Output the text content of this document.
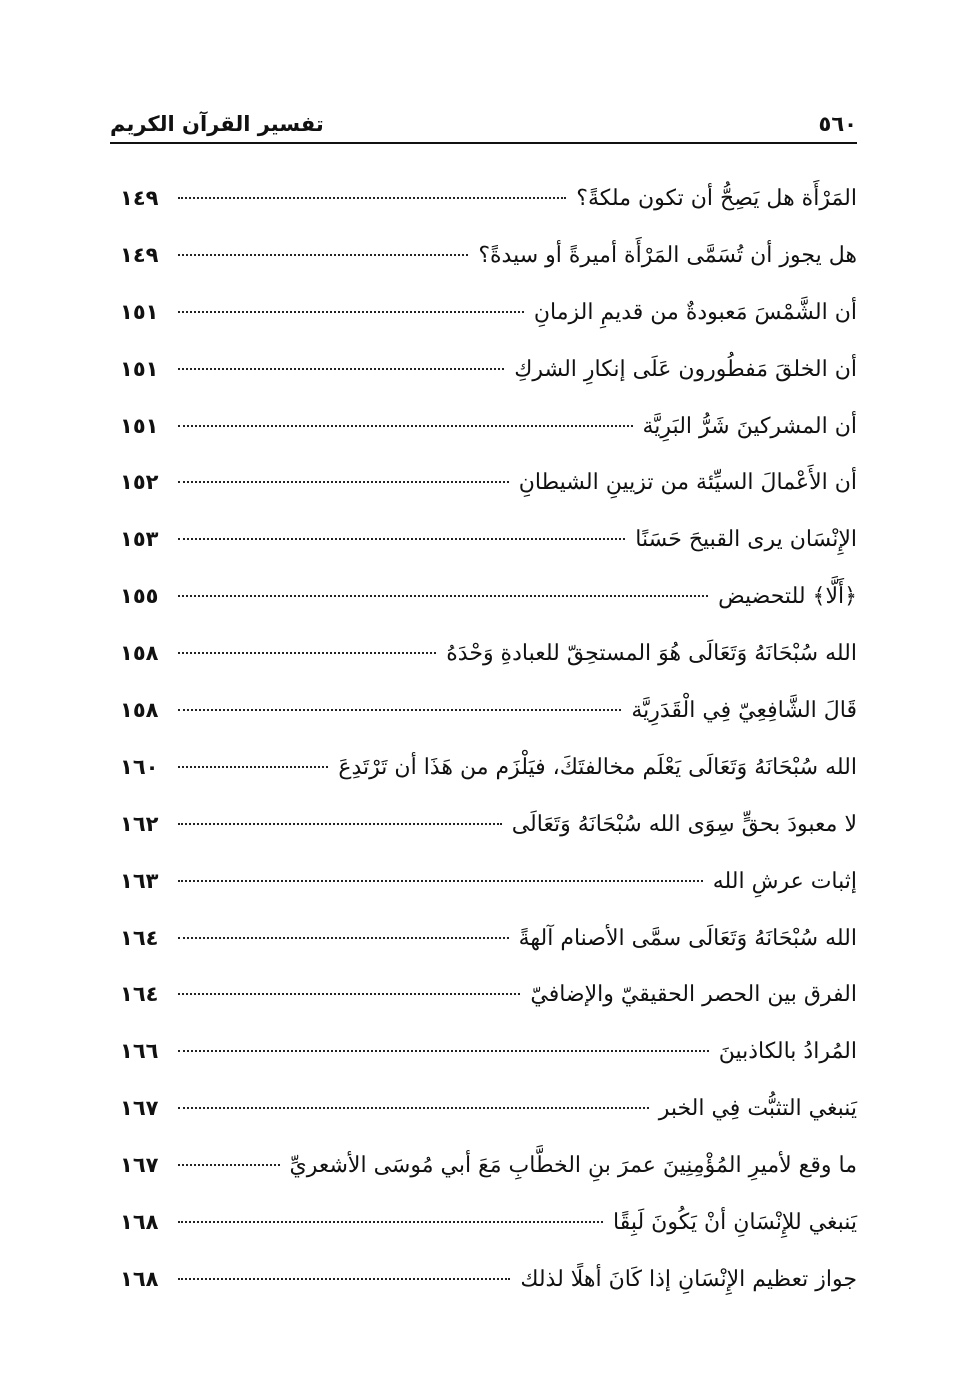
تفسير القرآن الكريم	٥٦٠
المَرْأَة هل يَصِحُّ أن تكون ملكةً؟
١٤٩
هل يجوز أن تُسَمَّى المَرْأَة أميرةً أو سيدةً؟
١٤٩
أن الشَّمْسَ مَعبودةٌ من قديمِ الزمانِ
١٥١
أن الخلقَ مَفطُورون عَلَى إنكارِ الشركِ
١٥١
أن المشركينَ شَرُّ البَرِيَّة
١٥١
أن الأَعْمالَ السيِّئة من تزيينِ الشيطانِ
١٥٢
الإِنْسَان يرى القبيحَ حَسَنًا
١٥٣
﴿أَلَّا﴾ للتحضيض
١٥٥
الله سُبْحَانَهُ وَتَعَالَى هُوَ المستحِقّ للعبادةِ وَحْدَهُ
١٥٨
قَالَ الشَّافِعِيّ فِي الْقَدَرِيَّة
١٥٨
الله سُبْحَانَهُ وَتَعَالَى يَعْلَم مخالفتَكَ، فيَلْزَم من هَذَا أن تَرْتَدِعَ
١٦٠
لا معبودَ بحقٍّ سِوَى الله سُبْحَانَهُ وَتَعَالَى
١٦٢
إثبات عرشِ الله
١٦٣
الله سُبْحَانَهُ وَتَعَالَى سمَّى الأصنام آلهةً
١٦٤
الفرق بين الحصر الحقيقيّ والإضافيّ
١٦٤
المُرادُ بالكاذبينَ
١٦٦
يَنبغي التثبُّت فِي الخبر
١٦٧
ما وقع لأميرِ المُؤْمِنِينَ عمرَ بنِ الخطَّابِ مَعَ أبي مُوسَى الأشعريِّ
١٦٧
يَنبغي للإِنْسَانِ أنْ يَكُونَ لَبِقًا
١٦٨
جواز تعظيم الإِنْسَانِ إذا كَانَ أهلًا لذلك
١٦٨
